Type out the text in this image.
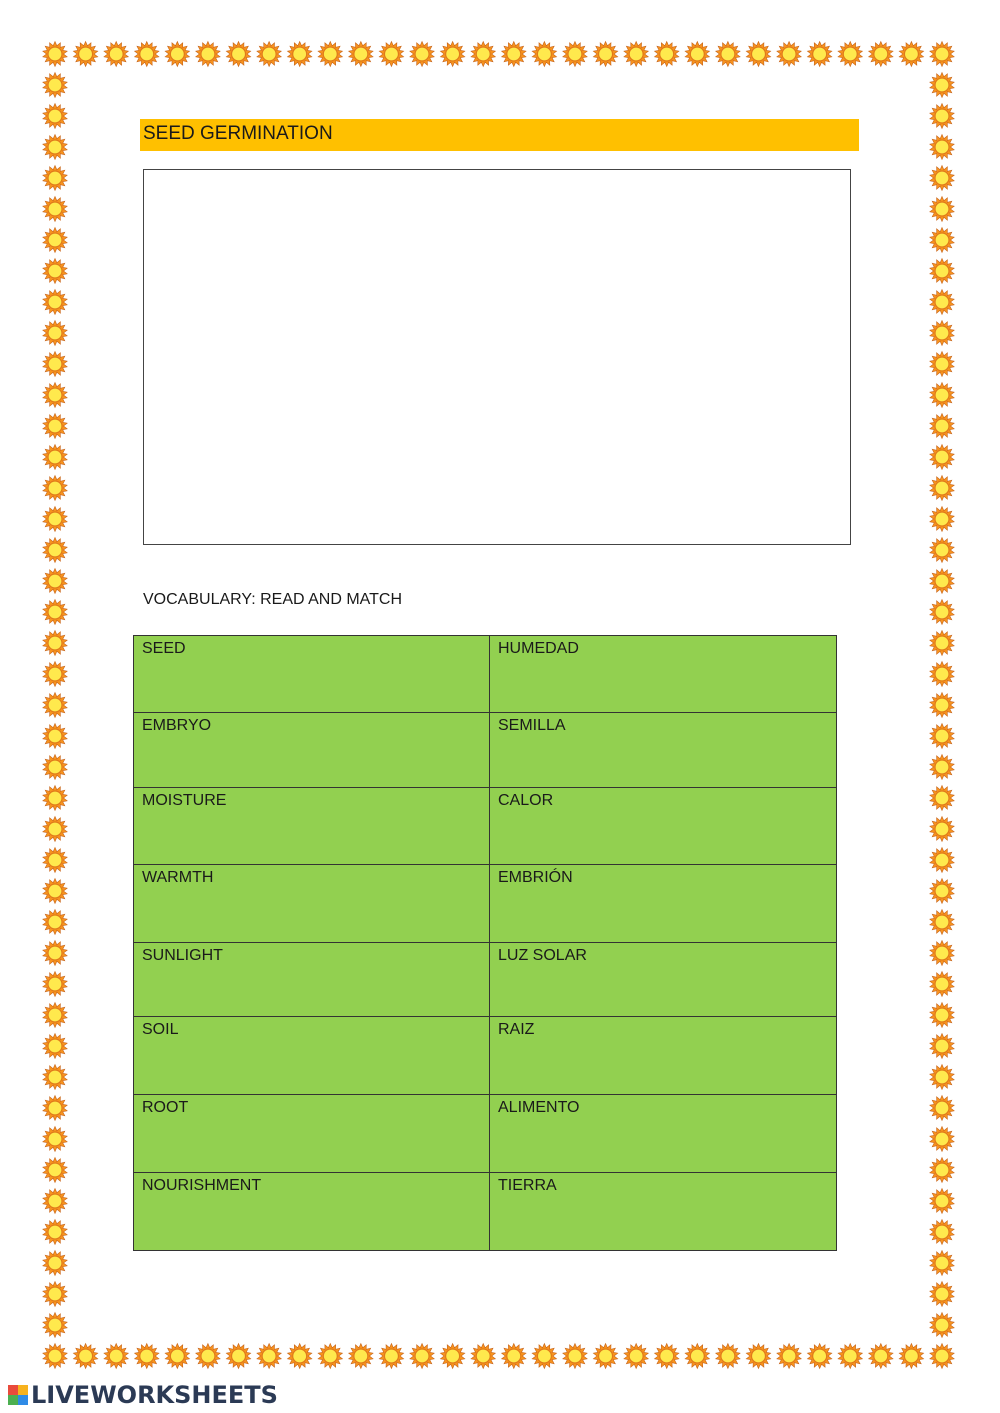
SEED GERMINATION
VOCABULARY: READ AND MATCH
SEED	HUMEDAD
EMBRYO	SEMILLA
MOISTURE	CALOR
WARMTH	EMBRIÓN
SUNLIGHT	LUZ SOLAR
SOIL	RAIZ
ROOT	ALIMENTO
NOURISHMENT	TIERRA
LIVEWORKSHEETS
